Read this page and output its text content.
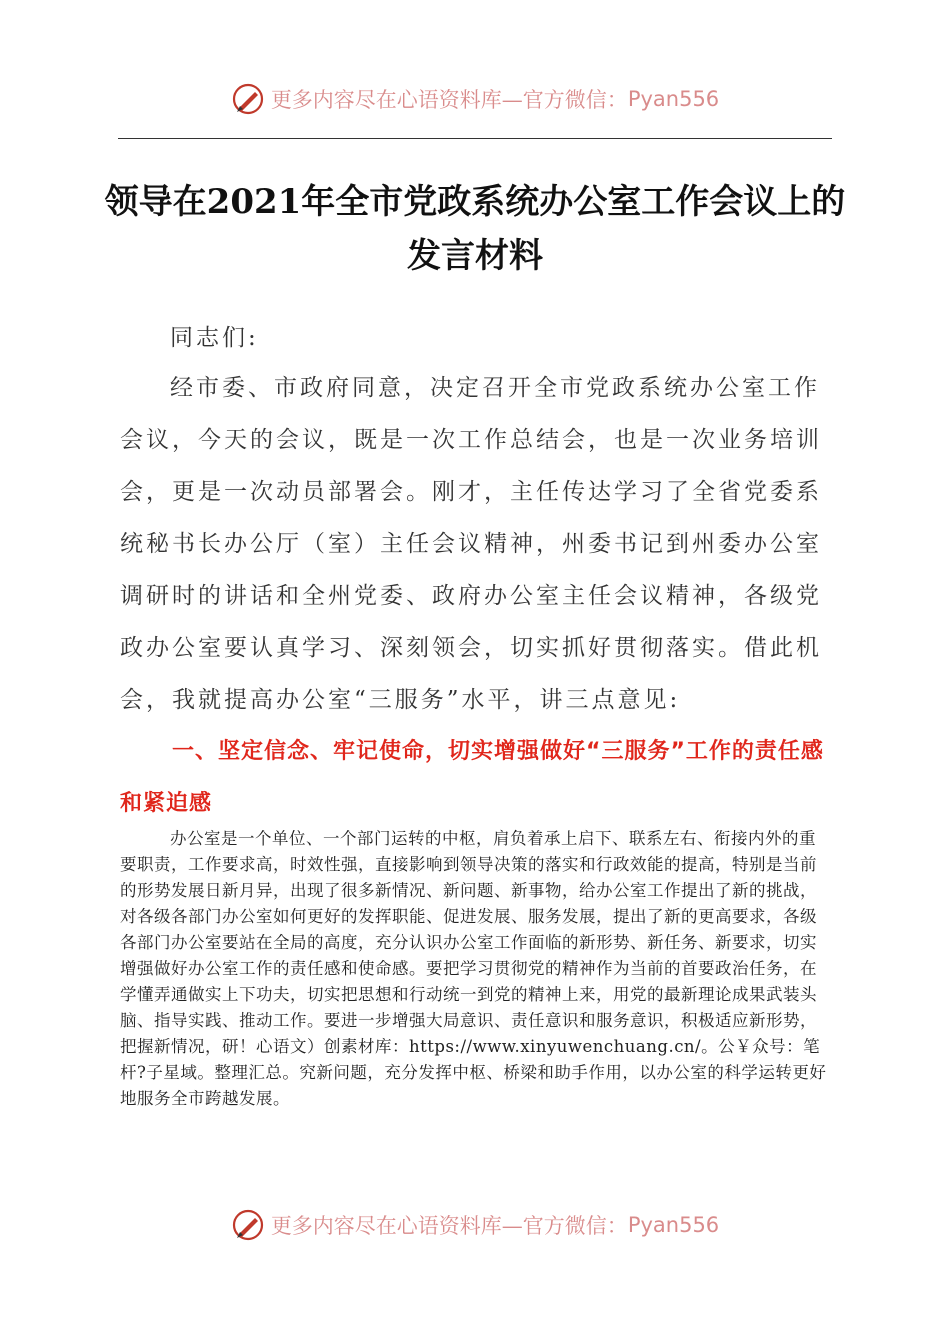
更多内容尽在心语资料库—官方微信： Pyan556
领导在2021年全市党政系统办公室工作会议上的发言材料
同志们:
经市委、市政府同意，决定召开全市党政系统办公室工作会议，今天的会议，既是一次工作总结会，也是一次业务培训会，更是一次动员部署会。刚才，主任传达学习了全省党委系统秘书长办公厅（室）主任会议精神，州委书记到州委办公室调研时的讲话和全州党委、政府办公室主任会议精神，各级党政办公室要认真学习、深刻领会，切实抓好贯彻落实。借此机会，我就提高办公室“三服务”水平，讲三点意见:
一、坚定信念、牢记使命，切实增强做好“三服务”工作的责任感和紧迫感
办公室是一个单位、一个部门运转的中枢，肩负着承上启下、联系左右、衔接内外的重要职责，工作要求高，时效性强，直接影响到领导决策的落实和行政效能的提高，特别是当前的形势发展日新月异，出现了很多新情况、新问题、新事物，给办公室工作提出了新的挑战，对各级各部门办公室如何更好的发挥职能、促进发展、服务发展，提出了新的更高要求，各级各部门办公室要站在全局的高度，充分认识办公室工作面临的新形势、新任务、新要求，切实增强做好办公室工作的责任感和使命感。要把学习贯彻党的精神作为当前的首要政治任务，在学懂弄通做实上下功夫，切实把思想和行动统一到党的精神上来，用党的最新理论成果武装头脑、指导实践、推动工作。要进一步增强大局意识、责任意识和服务意识，积极适应新形势，把握新情况，研！心语文）创素材库：https://www.xinyuwenchuang.cn/。公￥众号：笔杆?子星域。整理汇总。究新问题，充分发挥中枢、桥梁和助手作用，以办公室的科学运转更好地服务全市跨越发展。
更多内容尽在心语资料库—官方微信： Pyan556
